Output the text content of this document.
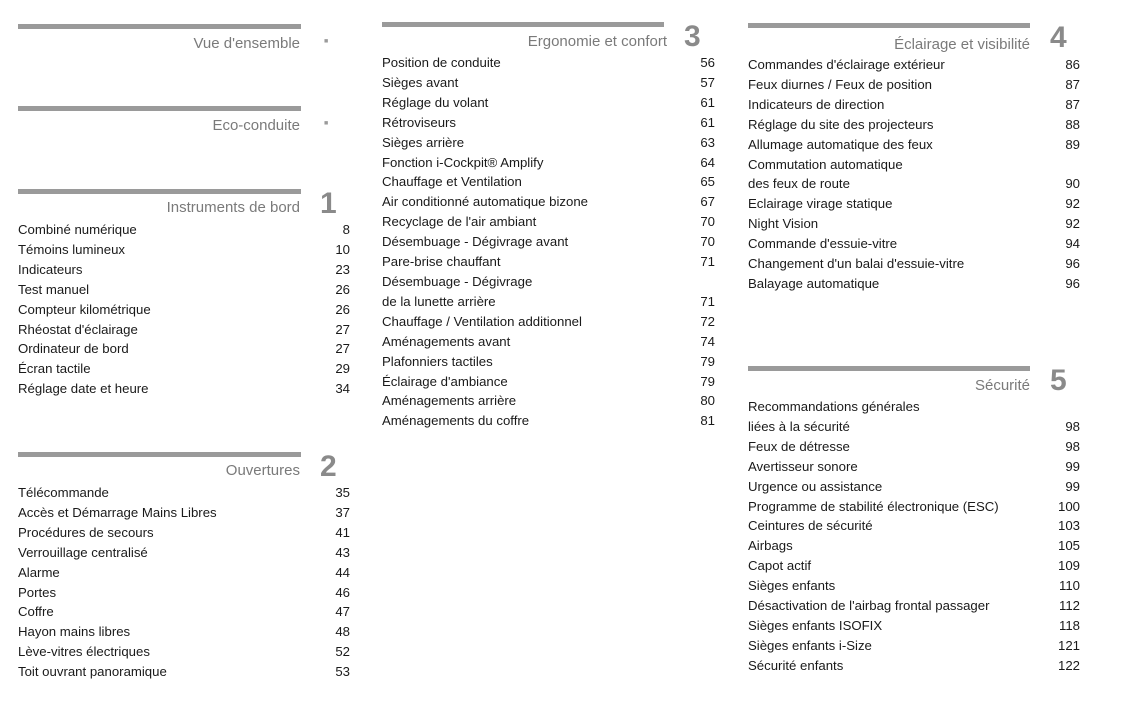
Vue d'ensemble	■
Eco-conduite	■
Instruments de bord 1
Combiné numérique	8
Témoins lumineux	10
Indicateurs	23
Test manuel	26
Compteur kilométrique	26
Rhéostat d'éclairage	27
Ordinateur de bord	27
Écran tactile	29
Réglage date et heure	34
Ouvertures 2
Télécommande	35
Accès et Démarrage Mains Libres	37
Procédures de secours	41
Verrouillage centralisé	43
Alarme	44
Portes	46
Coffre	47
Hayon mains libres	48
Lève-vitres électriques	52
Toit ouvrant panoramique	53
Ergonomie et confort 3
Position de conduite	56
Sièges avant	57
Réglage du volant	61
Rétroviseurs	61
Sièges arrière	63
Fonction i-Cockpit® Amplify	64
Chauffage et Ventilation	65
Air conditionné automatique bizone	67
Recyclage de l'air ambiant	70
Désembuage - Dégivrage avant	70
Pare-brise chauffant	71
Désembuage - Dégivrage
de la lunette arrière	71
Chauffage / Ventilation additionnel	72
Aménagements avant	74
Plafonniers tactiles	79
Éclairage d'ambiance	79
Aménagements arrière	80
Aménagements du coffre	81
Éclairage et visibilité 4
Commandes d'éclairage extérieur	86
Feux diurnes / Feux de position	87
Indicateurs de direction	87
Réglage du site des projecteurs	88
Allumage automatique des feux	89
Commutation automatique
des feux de route	90
Eclairage virage statique	92
Night Vision	92
Commande d'essuie-vitre	94
Changement d'un balai d'essuie-vitre	96
Balayage automatique	96
Sécurité 5
Recommandations générales
liées à la sécurité	98
Feux de détresse	98
Avertisseur sonore	99
Urgence ou assistance	99
Programme de stabilité électronique (ESC)	100
Ceintures de sécurité	103
Airbags	105
Capot actif	109
Sièges enfants	110
Désactivation de l'airbag frontal passager	112
Sièges enfants ISOFIX	118
Sièges enfants i-Size	121
Sécurité enfants	122
